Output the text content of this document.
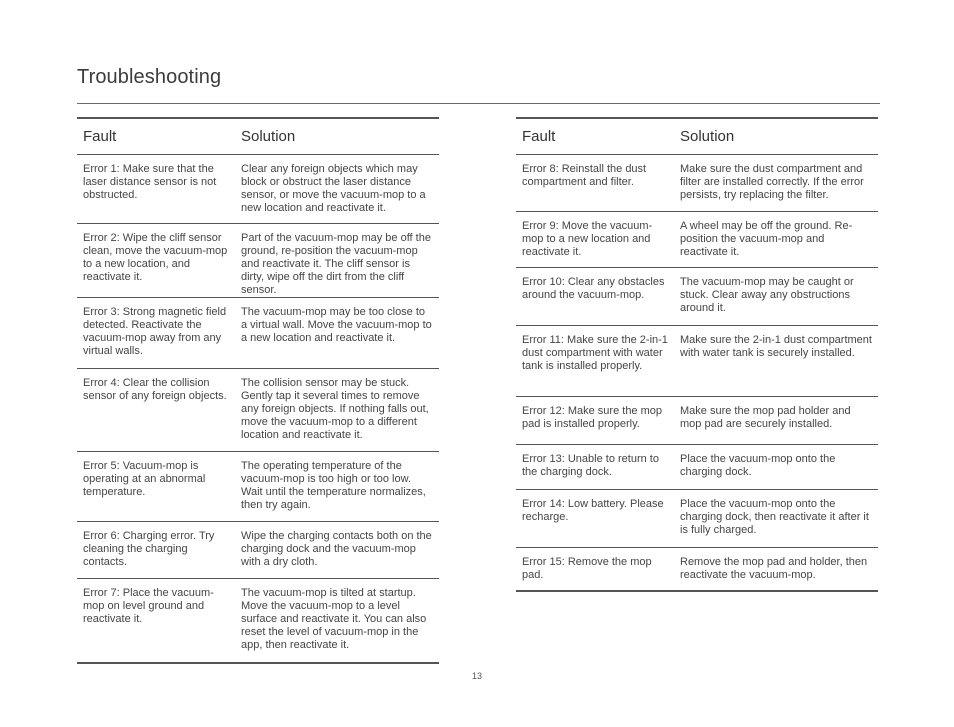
Troubleshooting
Fault	Solution
Error 1: Make sure that the laser distance sensor is not obstructed.	Clear any foreign objects which may block or obstruct the laser distance sensor, or move the vacuum-mop to a new location and reactivate it.
Error 2: Wipe the cliff sensor clean, move the vacuum-mop to a new location, and reactivate it.	Part of the vacuum-mop may be off the ground, re-position the vacuum-mop and reactivate it. The cliff sensor is dirty, wipe off the dirt from the cliff sensor.
Error 3: Strong magnetic field detected. Reactivate the vacuum-mop away from any virtual walls.	The vacuum-mop may be too close to a virtual wall. Move the vacuum-mop to a new location and reactivate it.
Error 4: Clear the collision sensor of any foreign objects.	The collision sensor may be stuck. Gently tap it several times to remove any foreign objects. If nothing falls out, move the vacuum-mop to a different location and reactivate it.
Error 5: Vacuum-mop is operating at an abnormal temperature.	The operating temperature of the vacuum-mop is too high or too low. Wait until the temperature normalizes, then try again.
Error 6: Charging error. Try cleaning the charging contacts.	Wipe the charging contacts both on the charging dock and the vacuum-mop with a dry cloth.
Error 7: Place the vacuum-mop on level ground and reactivate it.	The vacuum-mop is tilted at startup. Move the vacuum-mop to a level surface and reactivate it. You can also reset the level of vacuum-mop in the app, then reactivate it.
Fault	Solution
Error 8: Reinstall the dust compartment and filter.	Make sure the dust compartment and filter are installed correctly. If the error persists, try replacing the filter.
Error 9: Move the vacuum-mop to a new location and reactivate it.	A wheel may be off the ground. Re-position the vacuum-mop and reactivate it.
Error 10: Clear any obstacles around the vacuum-mop.	The vacuum-mop may be caught or stuck. Clear away any obstructions around it.
Error 11: Make sure the 2-in-1 dust compartment with water tank is installed properly.	Make sure the 2-in-1 dust compartment with water tank is securely installed.
Error 12: Make sure the mop pad is installed properly.	Make sure the mop pad holder and mop pad are securely installed.
Error 13: Unable to return to the charging dock.	Place the vacuum-mop onto the charging dock.
Error 14: Low battery. Please recharge.	Place the vacuum-mop onto the charging dock, then reactivate it after it is fully charged.
Error 15: Remove the mop pad.	Remove the mop pad and holder, then reactivate the vacuum-mop.
13
